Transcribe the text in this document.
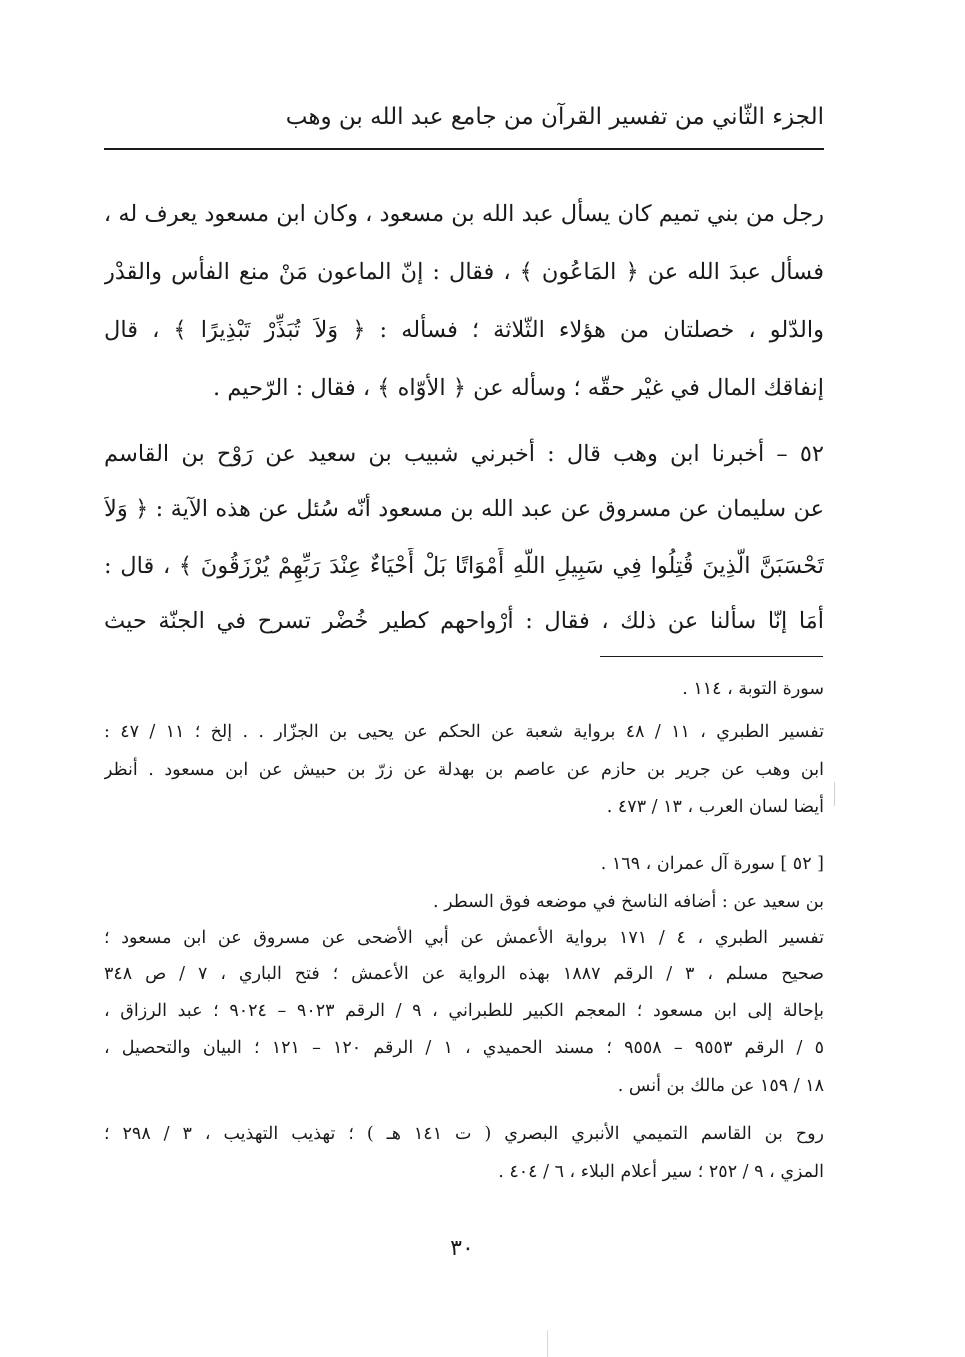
الجزء الثّاني من تفسير القرآن من جامع عبد الله بن وهب
رجل من بني تميم كان يسأل عبد الله بن مسعود ، وكان ابن مسعود يعرف له ،
فسأل عبدَ الله عن ﴿ المَاعُون ﴾ ، فقال : إنّ الماعون مَنْ منع الفأس والقدْر
والدّلو ، خصلتان من هؤلاء الثّلاثة ؛ فسأله : ﴿ وَلاَ تُبَذِّرْ تَبْذِيرًا ﴾ ، قال
إنفاقك المال في غيْر حقّه ؛ وسأله عن ﴿ الأوّاه ﴾ ، فقال : الرّحيم .
٥٢ – أخبرنا ابن وهب قال : أخبرني شبيب بن سعيد عن رَوْح بن القاسم
عن سليمان عن مسروق عن عبد الله بن مسعود أنّه سُئل عن هذه الآية : ﴿ وَلاَ
تَحْسَبَنَّ الَّذِينَ قُتِلُوا فِي سَبِيلِ اللَّهِ أَمْوَاتًا بَلْ أَحْيَاءٌ عِنْدَ رَبِّهِمْ يُرْزَقُونَ ﴾ ، قال :
أمَا إنّا سألنا عن ذلك ، فقال : أرْواحهم كطير خُضْر تسرح في الجنّة حيث
سورة التوبة ، ١١٤ .
تفسير الطبري ، ١١ / ٤٨ برواية شعبة عن الحكم عن يحيى بن الجزّار . . إلخ ؛ ١١ / ٤٧ :
ابن وهب عن جرير بن حازم عن عاصم بن بهدلة عن زرّ بن حبيش عن ابن مسعود . أنظر
أيضا لسان العرب ، ١٣ / ٤٧٣ .
[ ٥٢ ] سورة آل عمران ، ١٦٩ .
بن سعيد عن : أضافه الناسخ في موضعه فوق السطر .
تفسير الطبري ، ٤ / ١٧١ برواية الأعمش عن أبي الأضحى عن مسروق عن ابن مسعود ؛
صحيح مسلم ، ٣ / الرقم ١٨٨٧ بهذه الرواية عن الأعمش ؛ فتح الباري ، ٧ / ص ٣٤٨
بإحالة إلى ابن مسعود ؛ المعجم الكبير للطبراني ، ٩ / الرقم ٩٠٢٣ – ٩٠٢٤ ؛ عبد الرزاق ،
٥ / الرقم ٩٥٥٣ – ٩٥٥٨ ؛ مسند الحميدي ، ١ / الرقم ١٢٠ – ١٢١ ؛ البيان والتحصيل ،
١٨ / ١٥٩ عن مالك بن أنس .
روح بن القاسم التميمي الأنبري البصري ( ت ١٤١ هـ ) ؛ تهذيب التهذيب ، ٣ / ٢٩٨ ؛
المزي ، ٩ / ٢٥٢ ؛ سير أعلام البلاء ، ٦ / ٤٠٤ .
٣٠
